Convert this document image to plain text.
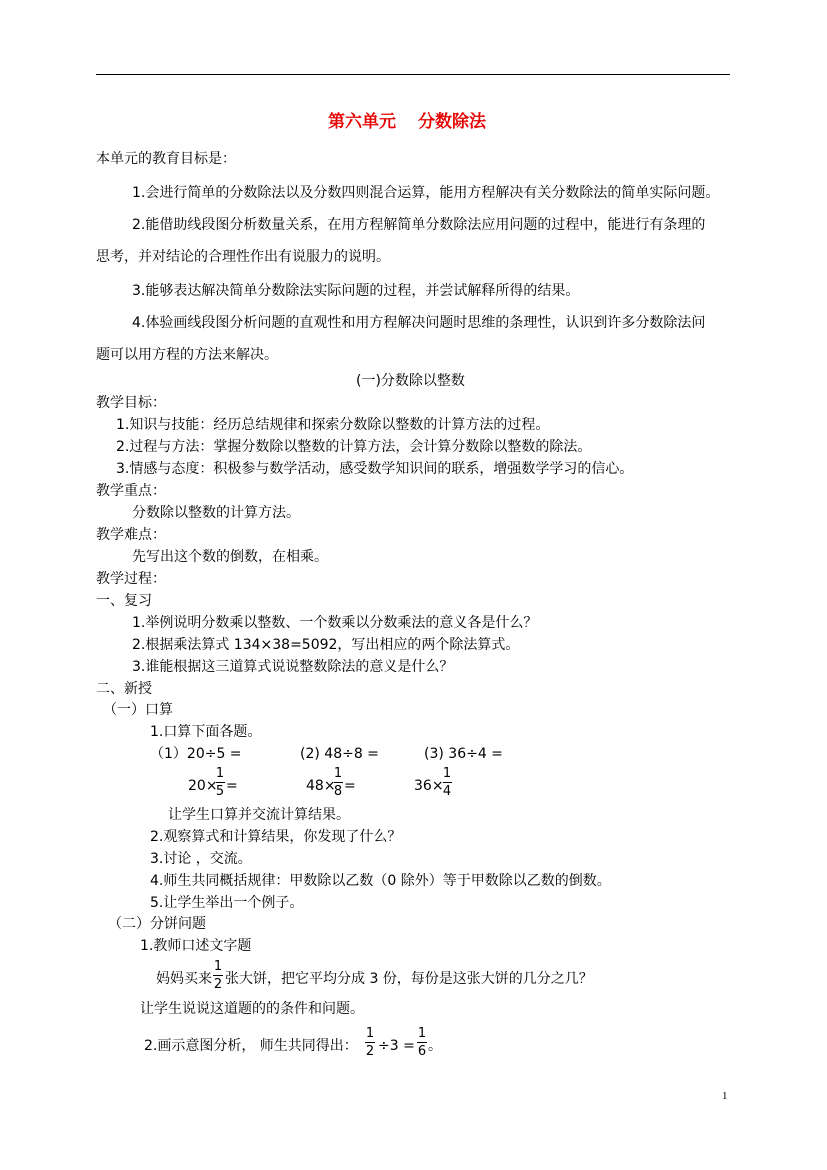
第六单元 分数除法
本单元的教育目标是：
1.会进行简单的分数除法以及分数四则混合运算，能用方程解决有关分数除法的简单实际问题。
2.能借助线段图分析数量关系，在用方程解简单分数除法应用问题的过程中，能进行有条理的
思考，并对结论的合理性作出有说服力的说明。
3.能够表达解决简单分数除法实际问题的过程，并尝试解释所得的结果。
4.体验画线段图分析问题的直观性和用方程解决问题时思维的条理性，认识到许多分数除法问
题可以用方程的方法来解决。
(一)分数除以整数
教学目标：
1.知识与技能：经历总结规律和探索分数除以整数的计算方法的过程。
2.过程与方法：掌握分数除以整数的计算方法，会计算分数除以整数的除法。
3.情感与态度：积极参与数学活动，感受数学知识间的联系，增强数学学习的信心。
教学重点：
分数除以整数的计算方法。
教学难点：
先写出这个数的倒数，在相乘。
教学过程：
一、复习
1.举例说明分数乘以整数、一个数乘以分数乘法的意义各是什么？
2.根据乘法算式 134×38=5092，写出相应的两个除法算式。
3.谁能根据这三道算式说说整数除法的意义是什么？
二、新授
（一）口算
1.口算下面各题。
（1）20÷5 =	(2) 48÷8 =	(3) 36÷4 =
20×
1
5 =	48×
1
8 =	36×
1
4
让学生口算并交流计算结果。
2.观察算式和计算结果，你发现了什么？
3.讨论 ，交流。
4.师生共同概括规律：甲数除以乙数（0 除外）等于甲数除以乙数的倒数。
5.让学生举出一个例子。
（二）分饼问题
1.教师口述文字题
妈妈买来
1
2 张大饼，把它平均分成 3 份，每份是这张大饼的几分之几？
让学生说说这道题的的条件和问题。
2.画示意图分析， 师生共同得出：
1
2 ÷3 =
1
6 。
1
